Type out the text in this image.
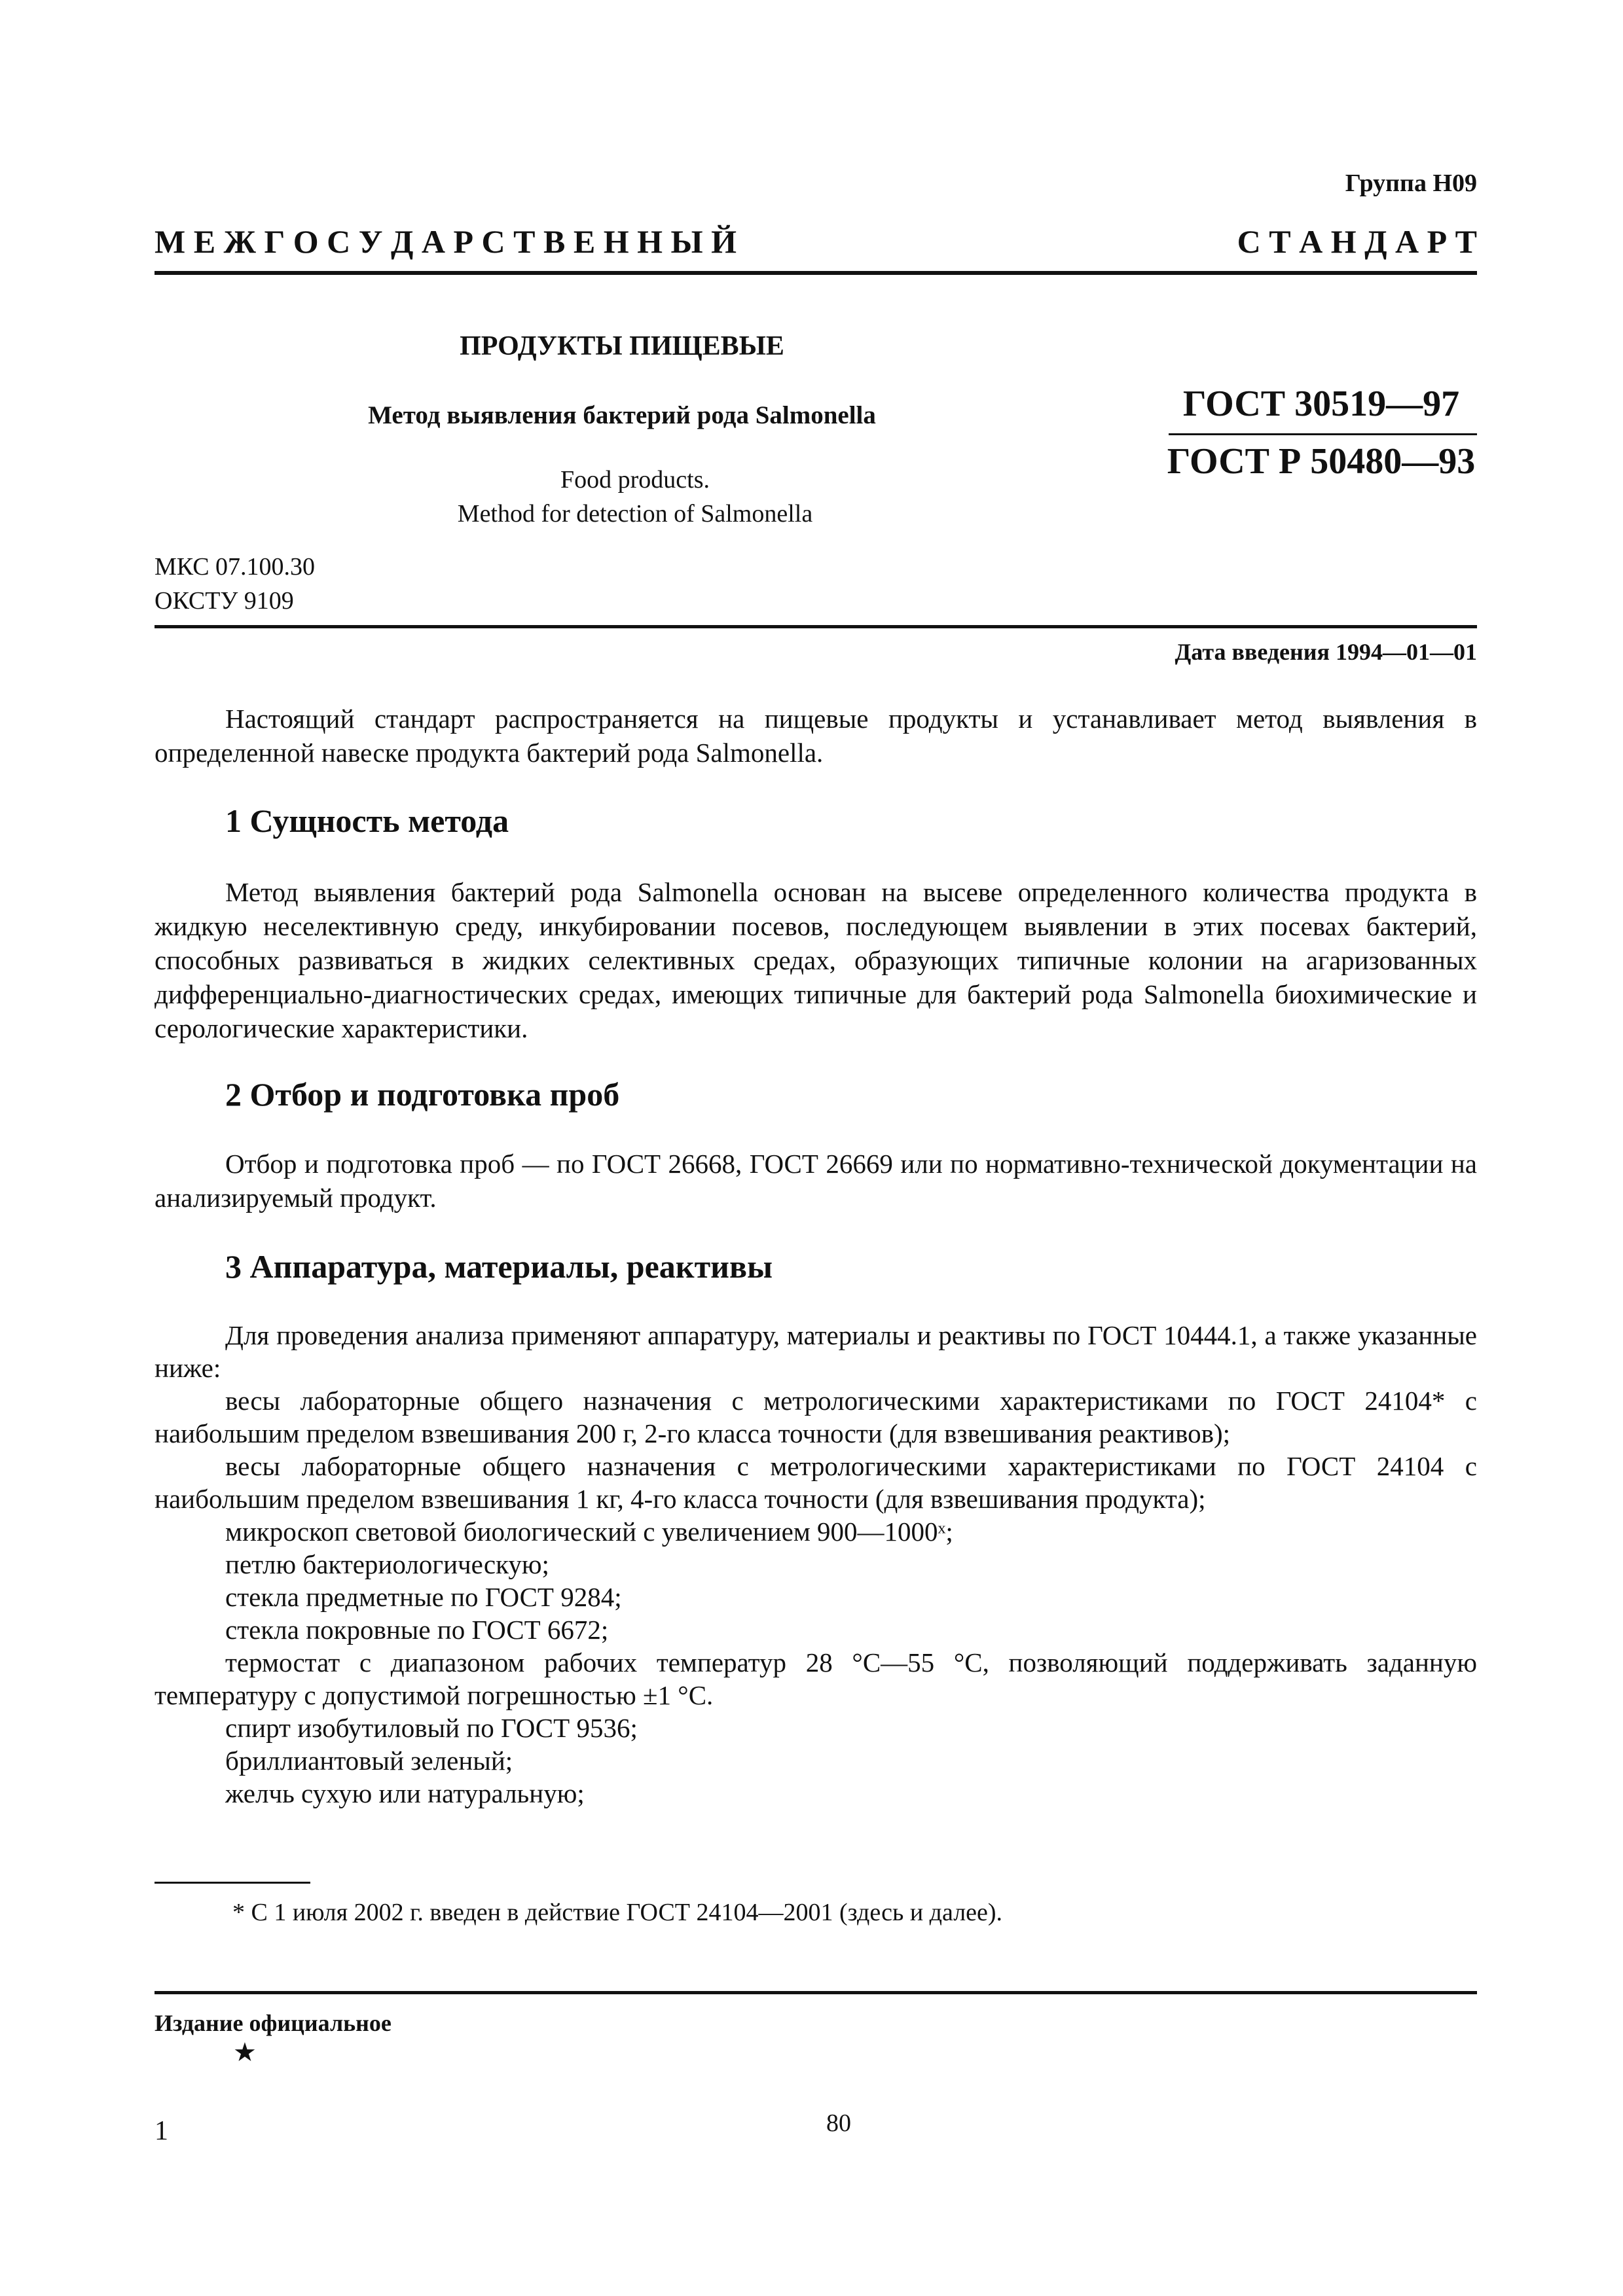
Группа Н09
М Е Ж Г О С У Д А Р С Т В Е Н Н Ы Й	С Т А Н Д А Р Т
ПРОДУКТЫ ПИЩЕВЫЕ
Метод выявления бактерий рода Salmonella
Food products.
Method for detection of Salmonella
ГОСТ 30519—97
ГОСТ Р 50480—93
МКС 07.100.30
ОКСТУ 9109
Дата введения 1994—01—01

Настоящий стандарт распространяется на пищевые продукты и устанавливает метод выявления в определенной навеске продукта бактерий рода Salmonella.

1 Сущность метода

Метод выявления бактерий рода Salmonella основан на высеве определенного количества продукта в жидкую неселективную среду, инкубировании посевов, последующем выявлении в этих посевах бактерий, способных развиваться в жидких селективных средах, образующих типичные колонии на агаризованных дифференциально-диагностических средах, имеющих типичные для бактерий рода Salmonella биохимические и серологические характеристики.

2 Отбор и подготовка проб

Отбор и подготовка проб — по ГОСТ 26668, ГОСТ 26669 или по нормативно-технической документации на анализируемый продукт.

3 Аппаратура, материалы, реактивы

Для проведения анализа применяют аппаратуру, материалы и реактивы по ГОСТ 10444.1, а также указанные ниже:

весы лабораторные общего назначения с метрологическими характеристиками по ГОСТ 24104* с наибольшим пределом взвешивания 200 г, 2-го класса точности (для взвешивания реактивов);

весы лабораторные общего назначения с метрологическими характеристиками по ГОСТ 24104 с наибольшим пределом взвешивания 1 кг, 4-го класса точности (для взвешивания продукта);

микроскоп световой биологический с увеличением 900—1000ˣ;

петлю бактериологическую;

стекла предметные по ГОСТ 9284;

стекла покровные по ГОСТ 6672;

термостат с диапазоном рабочих температур 28 °С—55 °С, позволяющий поддерживать заданную температуру с допустимой погрешностью ±1 °С.

спирт изобутиловый по ГОСТ 9536;

бриллиантовый зеленый;

желчь сухую или натуральную;

* С 1 июля 2002 г. введен в действие ГОСТ 24104—2001 (здесь и далее).
Издание официальное
★
1	80
